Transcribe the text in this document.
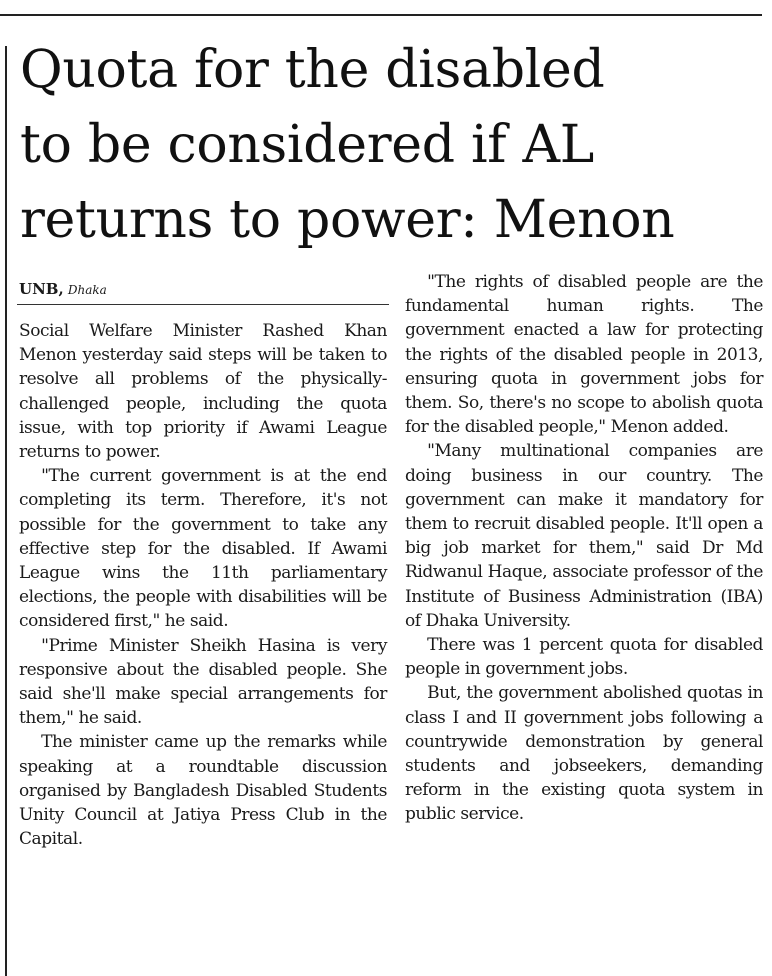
Quota for the disabled
to be considered if AL
returns to power: Menon
UNB, Dhaka

Social Welfare Minister Rashed Khan Menon yesterday said steps will be taken to resolve all problems of the physically-challenged people, including the quota issue, with top priority if Awami League returns to power.

"The current government is at the end completing its term. Therefore, it's not possible for the government to take any effective step for the disabled. If Awami League wins the 11th parliamentary elections, the people with disabilities will be considered first," he said.

"Prime Minister Sheikh Hasina is very responsive about the disabled people. She said she'll make special arrangements for them," he said.

The minister came up the remarks while speaking at a roundtable discussion organised by Bangladesh Disabled Students Unity Council at Jatiya Press Club in the Capital.

"The rights of disabled people are the fundamental human rights. The government enacted a law for protecting the rights of the disabled people in 2013, ensuring quota in government jobs for them. So, there's no scope to abolish quota for the disabled people," Menon added.

"Many multinational companies are doing business in our country. The government can make it mandatory for them to recruit disabled people. It'll open a big job market for them," said Dr Md Ridwanul Haque, associate professor of the Institute of Business Administration (IBA) of Dhaka University.

There was 1 percent quota for disabled people in government jobs.

But, the government abolished quotas in class I and II government jobs following a countrywide demonstration by general students and jobseekers, demanding reform in the existing quota system in public service.
